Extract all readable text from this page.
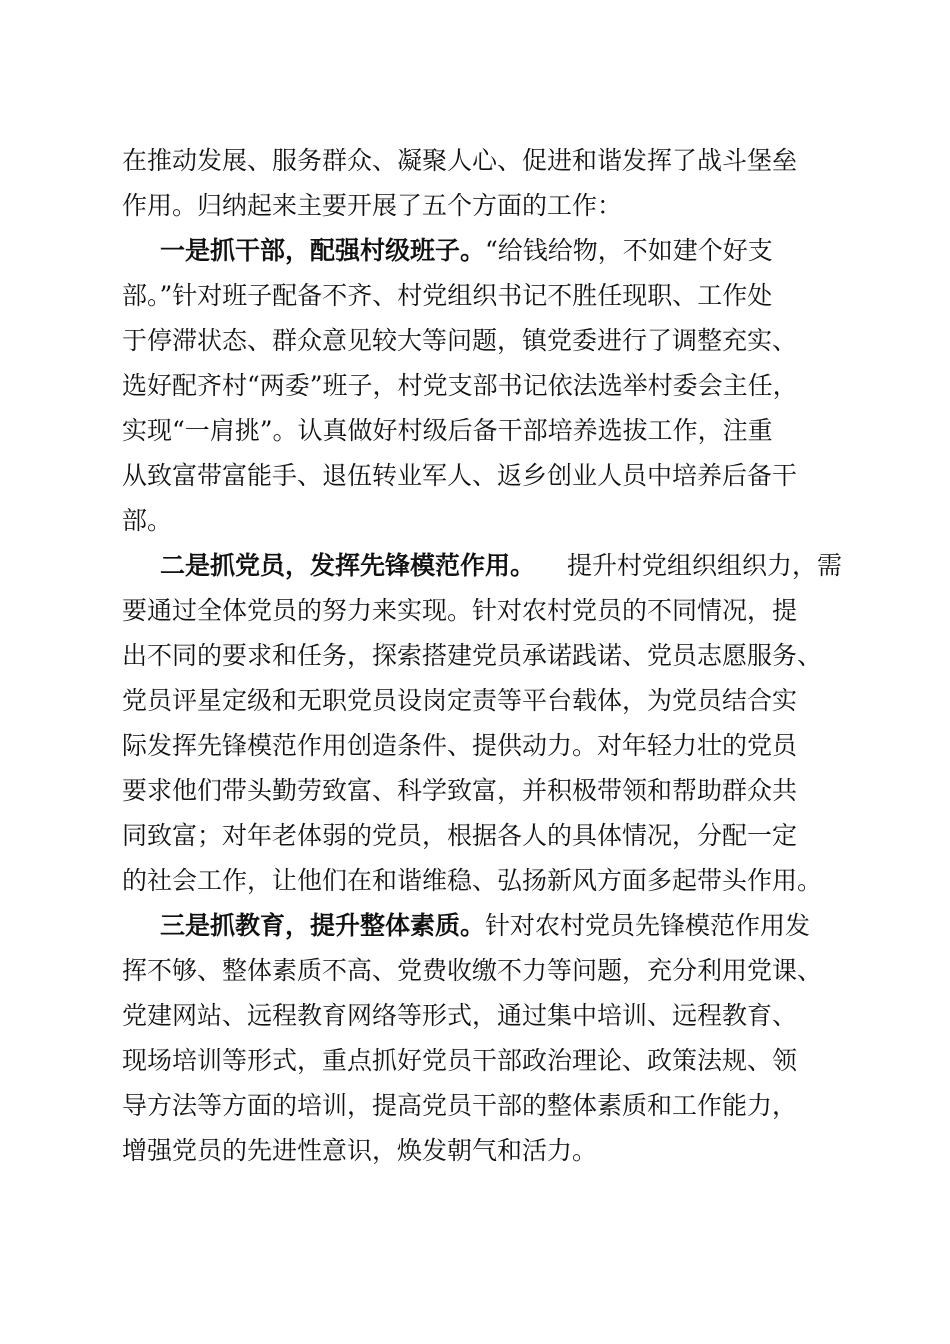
在推动发展、服务群众、凝聚人心、促进和谐发挥了战斗堡垒
作用。归纳起来主要开展了五个方面的工作：
一是抓干部，配强村级班子。 “给钱给物，不如建个好支
部。”针对班子配备不齐、村党组织书记不胜任现职、工作处
于停滞状态、群众意见较大等问题，镇党委进行了调整充实、
选好配齐村“两委”班子，村党支部书记依法选举村委会主任，
实现“一肩挑”。认真做好村级后备干部培养选拔工作，注重
从致富带富能手、退伍转业军人、返乡创业人员中培养后备干
部。
二是抓党员，发挥先锋模范作用。 提升村党组织组织力，需
要通过全体党员的努力来实现。针对农村党员的不同情况，提
出不同的要求和任务，探索搭建党员承诺践诺、党员志愿服务、
党员评星定级和无职党员设岗定责等平台载体，为党员结合实
际发挥先锋模范作用创造条件、提供动力。对年轻力壮的党员
要求他们带头勤劳致富、科学致富，并积极带领和帮助群众共
同致富；对年老体弱的党员，根据各人的具体情况，分配一定
的社会工作，让他们在和谐维稳、弘扬新风方面多起带头作用。
三是抓教育，提升整体素质。 针对农村党员先锋模范作用发
挥不够、整体素质不高、党费收缴不力等问题，充分利用党课、
党建网站、远程教育网络等形式，通过集中培训、远程教育、
现场培训等形式，重点抓好党员干部政治理论、政策法规、领
导方法等方面的培训，提高党员干部的整体素质和工作能力，
增强党员的先进性意识，焕发朝气和活力。
